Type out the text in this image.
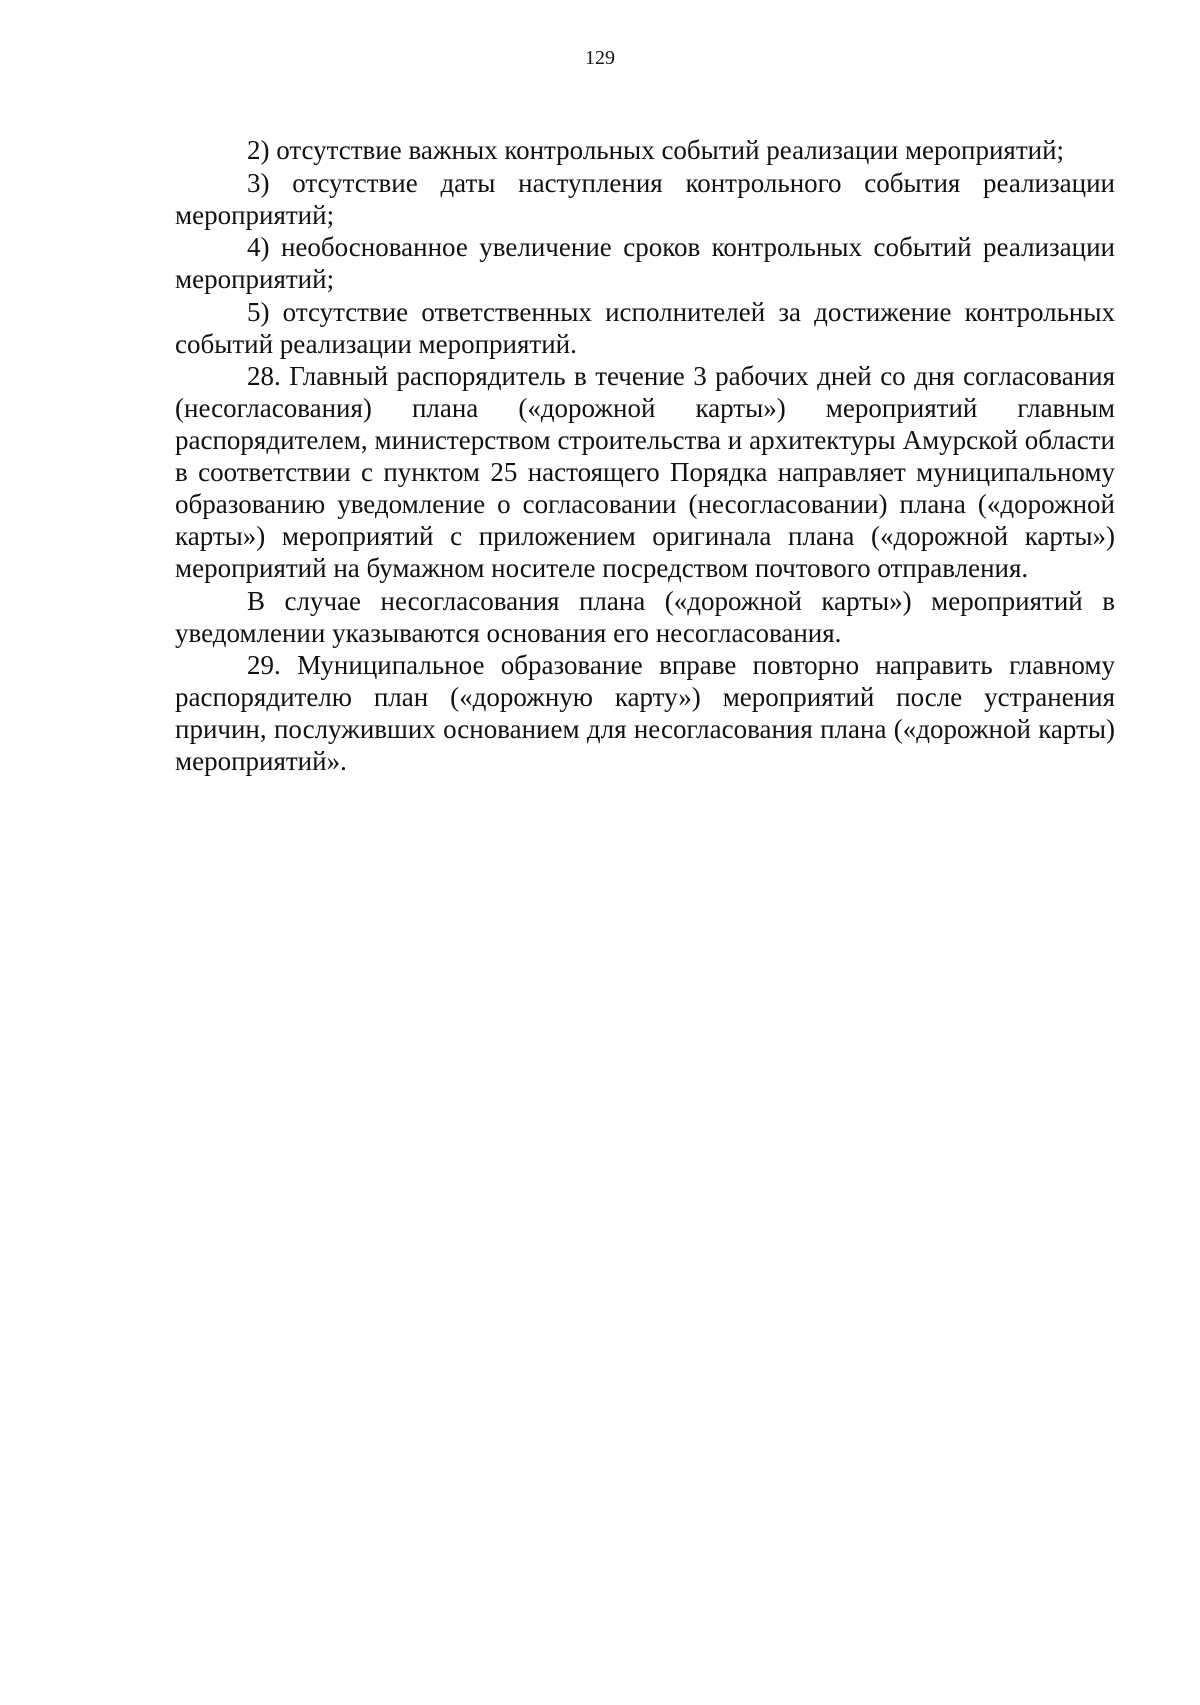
129

2) отсутствие важных контрольных событий реализации мероприятий;

3) отсутствие даты наступления контрольного события реализации мероприятий;

4) необоснованное увеличение сроков контрольных событий реализации мероприятий;

5) отсутствие ответственных исполнителей за достижение контрольных событий реализации мероприятий.

28. Главный распорядитель в течение 3 рабочих дней со дня согласования (несогласования) плана («дорожной карты») мероприятий главным распорядителем, министерством строительства и архитектуры Амурской области в соответствии с пунктом 25 настоящего Порядка направляет муниципальному образованию уведомление о согласовании (несогласовании) плана («дорожной карты») мероприятий с приложением оригинала плана («дорожной карты») мероприятий на бумажном носителе посредством почтового отправления.

В случае несогласования плана («дорожной карты») мероприятий в уведомлении указываются основания его несогласования.

29. Муниципальное образование вправе повторно направить главному распорядителю план («дорожную карту») мероприятий после устранения причин, послуживших основанием для несогласования плана («дорожной карты) мероприятий».
